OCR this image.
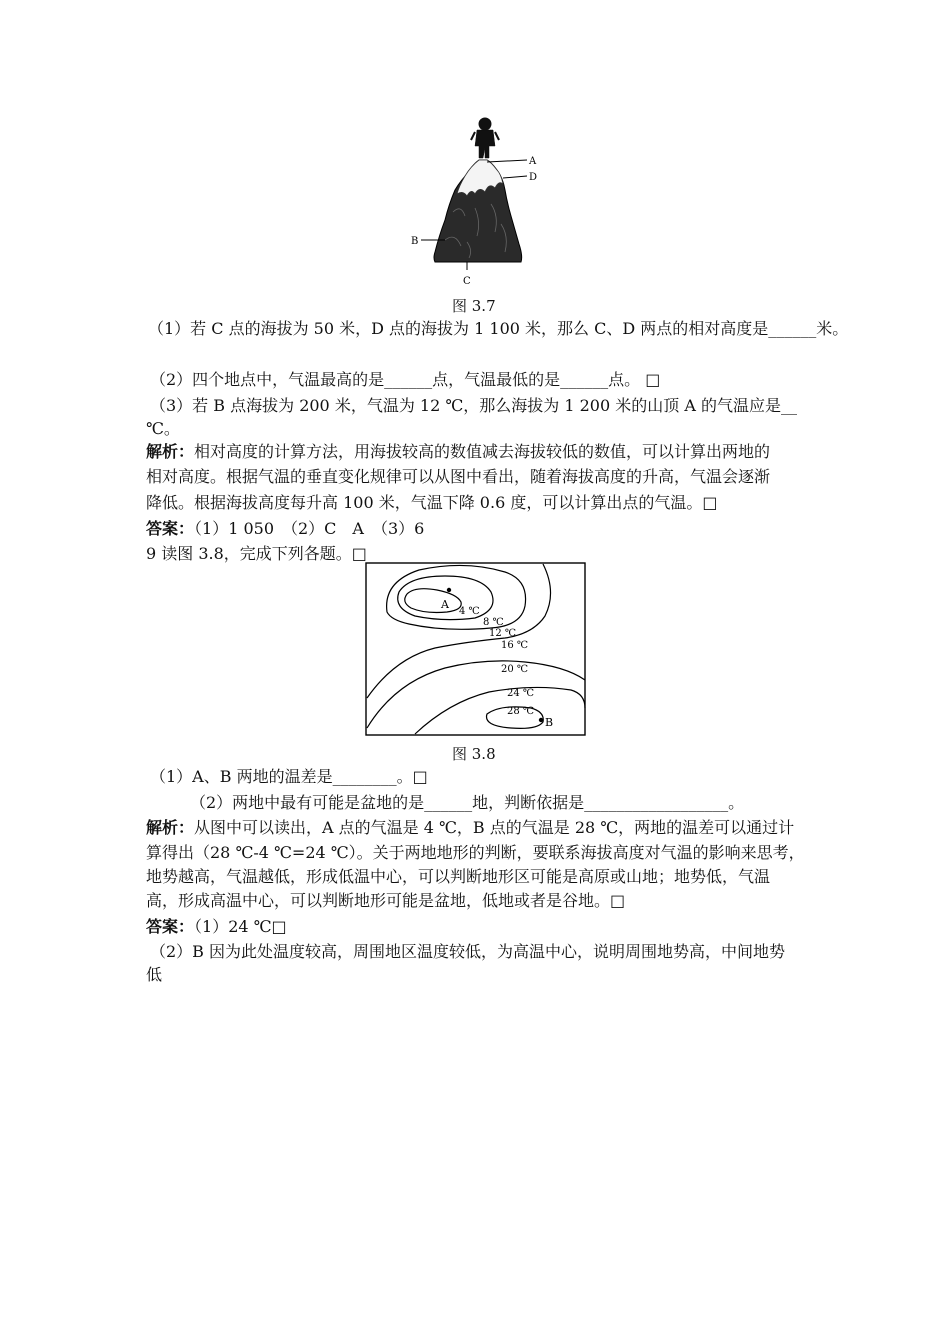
A
D
B
C
图 3.7
（1）若 C 点的海拔为 50 米，D 点的海拔为 1 100 米，那么 C、D 两点的相对高度是______米。
（2）四个地点中，气温最高的是______点，气温最低的是______点。 □
（3）若 B 点海拔为 200 米，气温为 12 ℃，那么海拔为 1 200 米的山顶 A 的气温应是__
℃。
解析：相对高度的计算方法，用海拔较高的数值减去海拔较低的数值，可以计算出两地的
相对高度。根据气温的垂直变化规律可以从图中看出，随着海拔高度的升高，气温会逐渐
降低。根据海拔高度每升高 100 米，气温下降 0.6 度，可以计算出点的气温。□
答案：（1）1 050　（2）C　A　（3）6
9 读图 3.8，完成下列各题。□
A
B
4 ℃
8 ℃
12 ℃
16 ℃
20 ℃
24 ℃
28 ℃
图 3.8
（1）A、B 两地的温差是________。□
（2）两地中最有可能是盆地的是______地，判断依据是__________________。
解析：从图中可以读出，A 点的气温是 4 ℃，B 点的气温是 28 ℃，两地的温差可以通过计
算得出（28 ℃-4 ℃=24 ℃）。关于两地地形的判断，要联系海拔高度对气温的影响来思考，
地势越高，气温越低，形成低温中心，可以判断地形区可能是高原或山地；地势低，气温
高，形成高温中心，可以判断地形可能是盆地，低地或者是谷地。□
答案：（1）24 ℃□
（2）B 因为此处温度较高，周围地区温度较低，为高温中心，说明周围地势高，中间地势
低
